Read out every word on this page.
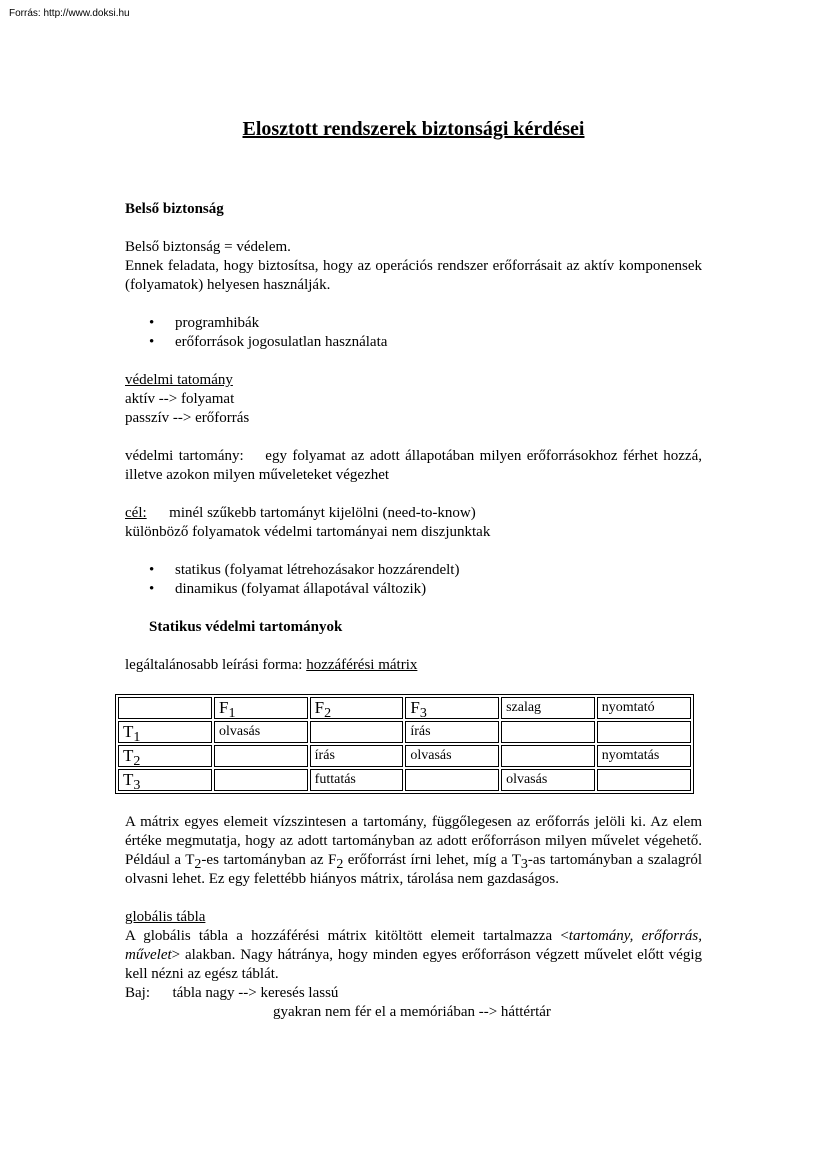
Forrás: http://www.doksi.hu
Elosztott rendszerek biztonsági kérdései

Belső biztonság

Belső biztonság = védelem.

Ennek feladata, hogy biztosítsa, hogy az operációs rendszer erőforrásait az aktív komponensek (folyamatok) helyesen használják.

• programhibák
• erőforrások jogosulatlan használata

védelmi tatomány

aktív --> folyamat

passzív --> erőforrás

védelmi tartomány: egy folyamat az adott állapotában milyen erőforrásokhoz férhet hozzá, illetve azokon milyen műveleteket végezhet

cél: minél szűkebb tartományt kijelölni (need-to-know)

különböző folyamatok védelmi tartományai nem diszjunktak

• statikus (folyamat létrehozásakor hozzárendelt)
• dinamikus (folyamat állapotával változik)

Statikus védelmi tartományok

legáltalánosabb leírási forma: hozzáférési mátrix

	$F_1$	$F_2$	$F_3$	szalag	nyomtató
$T_1$	olvasás		írás		
$T_2$		írás	olvasás		nyomtatás
$T_3$		futtatás		olvasás	

A mátrix egyes elemeit vízszintesen a tartomány, függőlegesen az erőforrás jelöli ki. Az elem értéke megmutatja, hogy az adott tartományban az adott erőforráson milyen művelet végehető. Például a $T_2-es$ tartományban az $F_2$ erőforrást írni lehet, míg a $T_3-as$ tartományban a szalagról olvasni lehet. Ez egy felettébb hiányos mátrix, tárolása nem gazdaságos.

globális tábla

A globális tábla a hozzáférési mátrix kitöltött elemeit tartalmazza <tartomány, erőforrás, művelet> alakban. Nagy hátránya, hogy minden egyes erőforráson végzett művelet előtt végig kell nézni az egész táblát.

Baj: tábla nagy --> keresés lassú

gyakran nem fér el a memóriában --> háttértár
